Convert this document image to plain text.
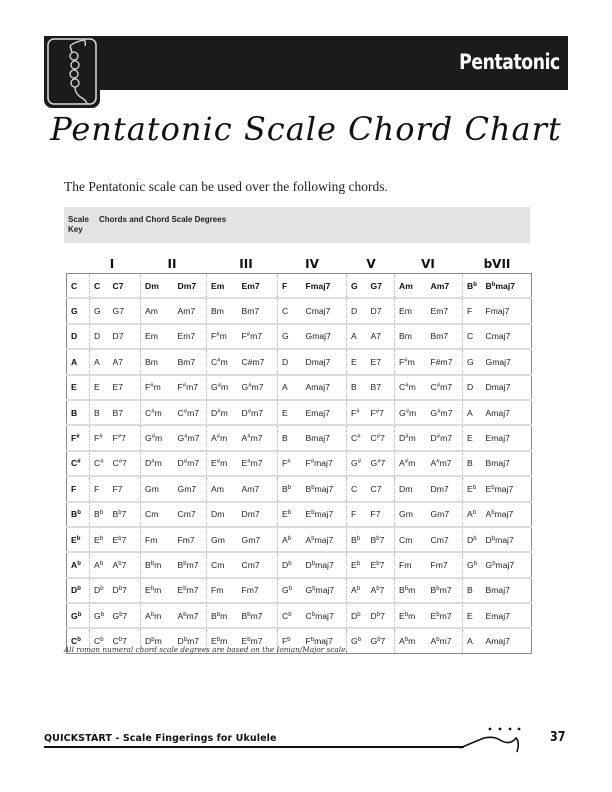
Pentatonic
Pentatonic Scale Chord Chart
The Pentatonic scale can be used over the following chords.
Scale Key
Chords and Chord Scale Degrees
I	II	III	IV	V	VI	bVII
C	C	C7	Dm	Dm7	Em	Em7	F	Fmaj7	G	G7	Am	Am7	$B^b$	$B^bmaj7$
G	G	G7	Am	Am7	Bm	Bm7	C	Cmaj7	D	D7	Em	Em7	F	Fmaj7
D	D	D7	Em	Em7	F#m	F#m7	G	Gmaj7	A	A7	Bm	Bm7	C	Cmaj7
A	A	A7	Bm	Bm7	C#m	C#m7	D	Dmaj7	E	E7	F#m	F#m7	G	Gmaj7
E	E	E7	F#m	F#m7	G#m	G#m7	A	Amaj7	B	B7	C#m	C#m7	D	Dmaj7
B	B	B7	C#m	C#m7	D#m	D#m7	E	Emaj7	F#	F#7	G#m	G#m7	A	Amaj7
F#	F#	F#7	G#m	G#m7	A#m	A#m7	B	Bmaj7	C#	C#7	D#m	D#m7	E	Emaj7
C#	C#	C#7	D#m	D#m7	E#m	E#m7	F#	F#maj7	G#	G#7	A#m	A#m7	B	Bmaj7
F	F	F7	Gm	Gm7	Am	Am7	$B^b$	$B^bmaj7$	C	C7	Dm	Dm7	$E^b$	$E^bmaj7$
$B^b$	$B^b$	$B^b7$	Cm	Cm7	Dm	Dm7	$E^b$	$E^bmaj7$	F	F7	Gm	Gm7	$A^b$	$A^bmaj7$
$E^b$	$E^b$	$E^b7$	Fm	Fm7	Gm	Gm7	$A^b$	$A^bmaj7$	$B^b$	$B^b7$	Cm	Cm7	$D^b$	$D^bmaj7$
$A^b$	$A^b$	$A^b7$	$B^bm$	$B^bm7$	Cm	Cm7	$D^b$	$D^bmaj7$	$E^b$	$E^b7$	Fm	Fm7	$G^b$	$G^bmaj7$
$D^b$	$D^b$	$D^b7$	$E^bm$	$E^bm7$	Fm	Fm7	$G^b$	$G^bmaj7$	$A^b$	$A^b7$	$B^bm$	$B^bm7$	B	Bmaj7
$G^b$	$G^b$	$G^b7$	$A^bm$	$A^bm7$	$B^bm$	$B^bm7$	$C^b$	$C^bmaj7$	$D^b$	$D^b7$	$E^bm$	$E^bm7$	E	Emaj7
$C^b$	$C^b$	$C^b7$	$D^bm$	$D^bm7$	$E^bm$	$E^bm7$	$F^b$	$F^bmaj7$	$G^b$	$G^b7$	$A^bm$	$A^bm7$	A	Amaj7
All roman numeral chord scale degrees are based on the Ionian/Major scale.
QUICKSTART - Scale Fingerings for Ukulele	37
